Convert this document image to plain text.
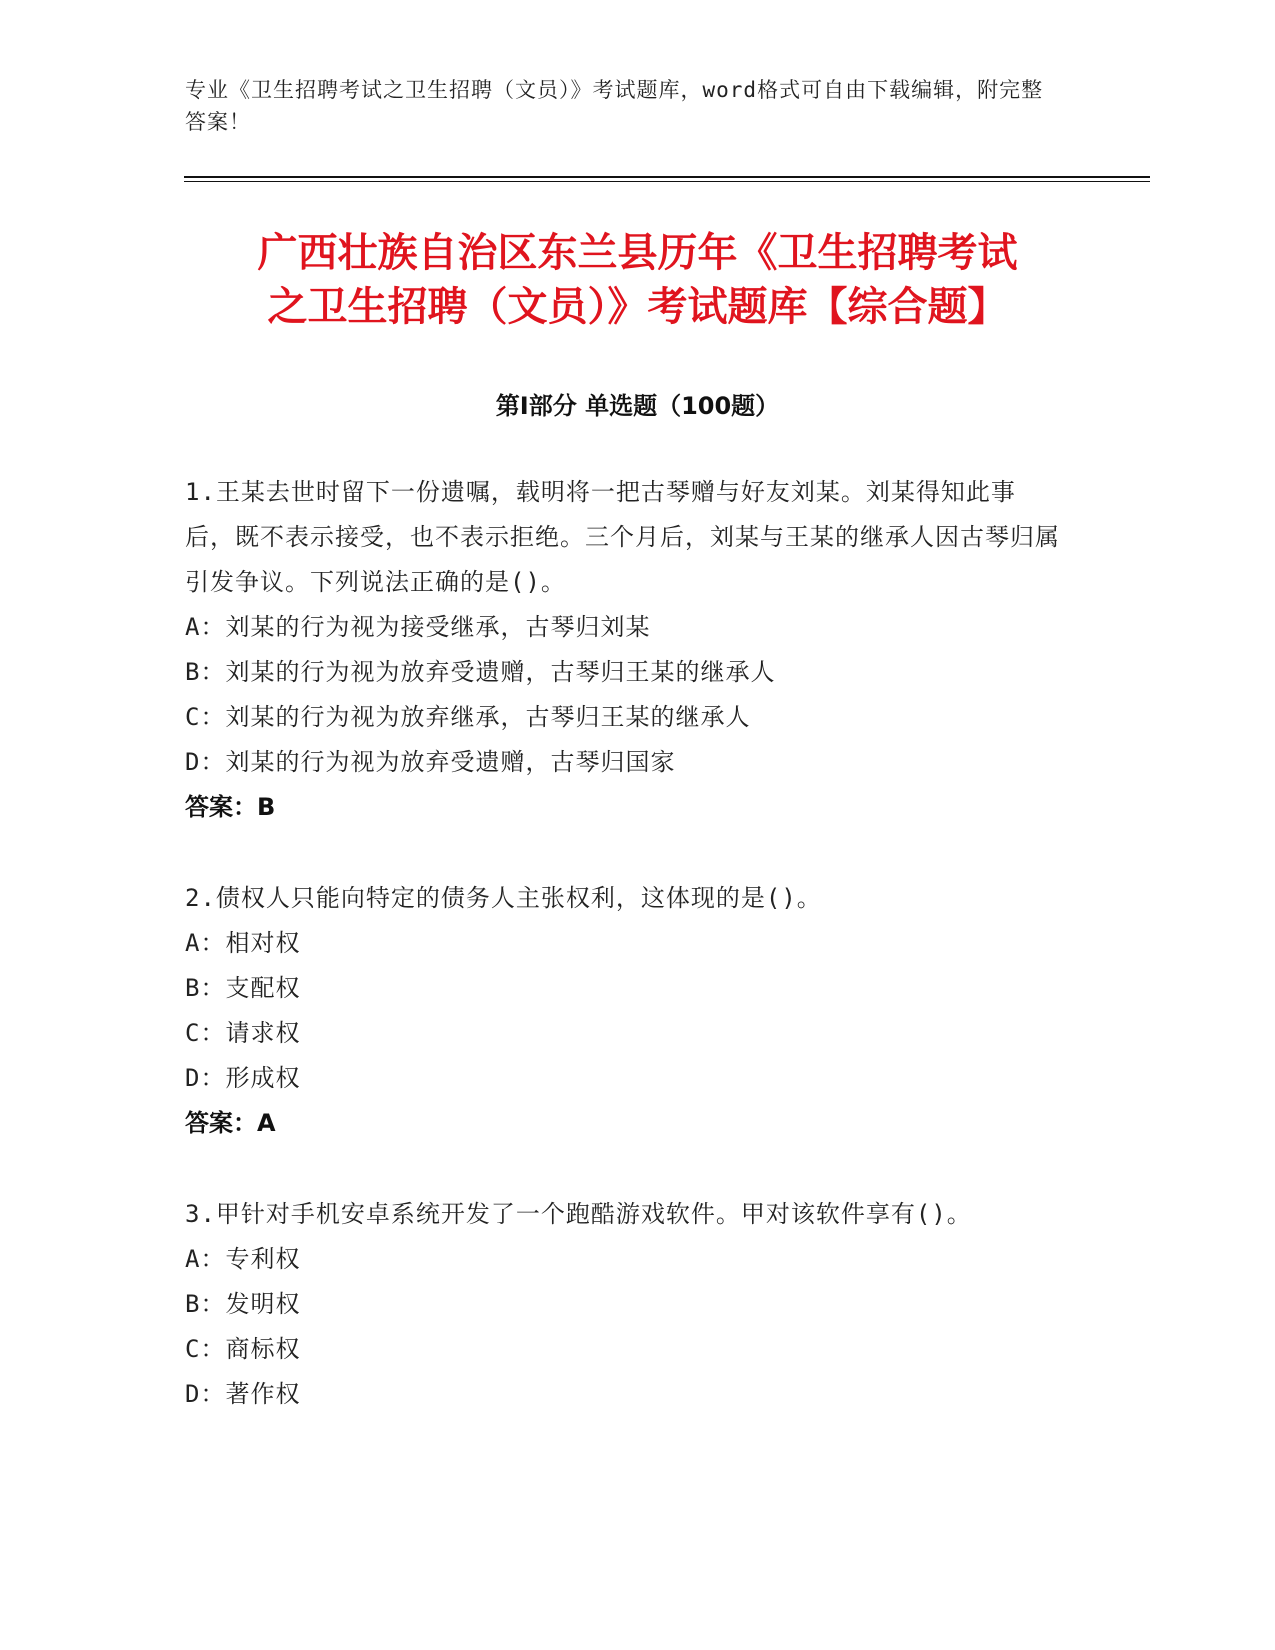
专业《卫生招聘考试之卫生招聘（文员）》考试题库，word格式可自由下载编辑，附完整答案！
广西壮族自治区东兰县历年《卫生招聘考试
之卫生招聘（文员）》考试题库【综合题】
第Ⅰ部分 单选题（100题）
1.王某去世时留下一份遗嘱，载明将一把古琴赠与好友刘某。刘某得知此事后，既不表示接受，也不表示拒绝。三个月后，刘某与王某的继承人因古琴归属引发争议。下列说法正确的是()。
A：刘某的行为视为接受继承，古琴归刘某
B：刘某的行为视为放弃受遗赠，古琴归王某的继承人
C：刘某的行为视为放弃继承，古琴归王某的继承人
D：刘某的行为视为放弃受遗赠，古琴归国家
答案：B
2.债权人只能向特定的债务人主张权利，这体现的是()。
A：相对权
B：支配权
C：请求权
D：形成权
答案：A
3.甲针对手机安卓系统开发了一个跑酷游戏软件。甲对该软件享有()。
A：专利权
B：发明权
C：商标权
D：著作权
